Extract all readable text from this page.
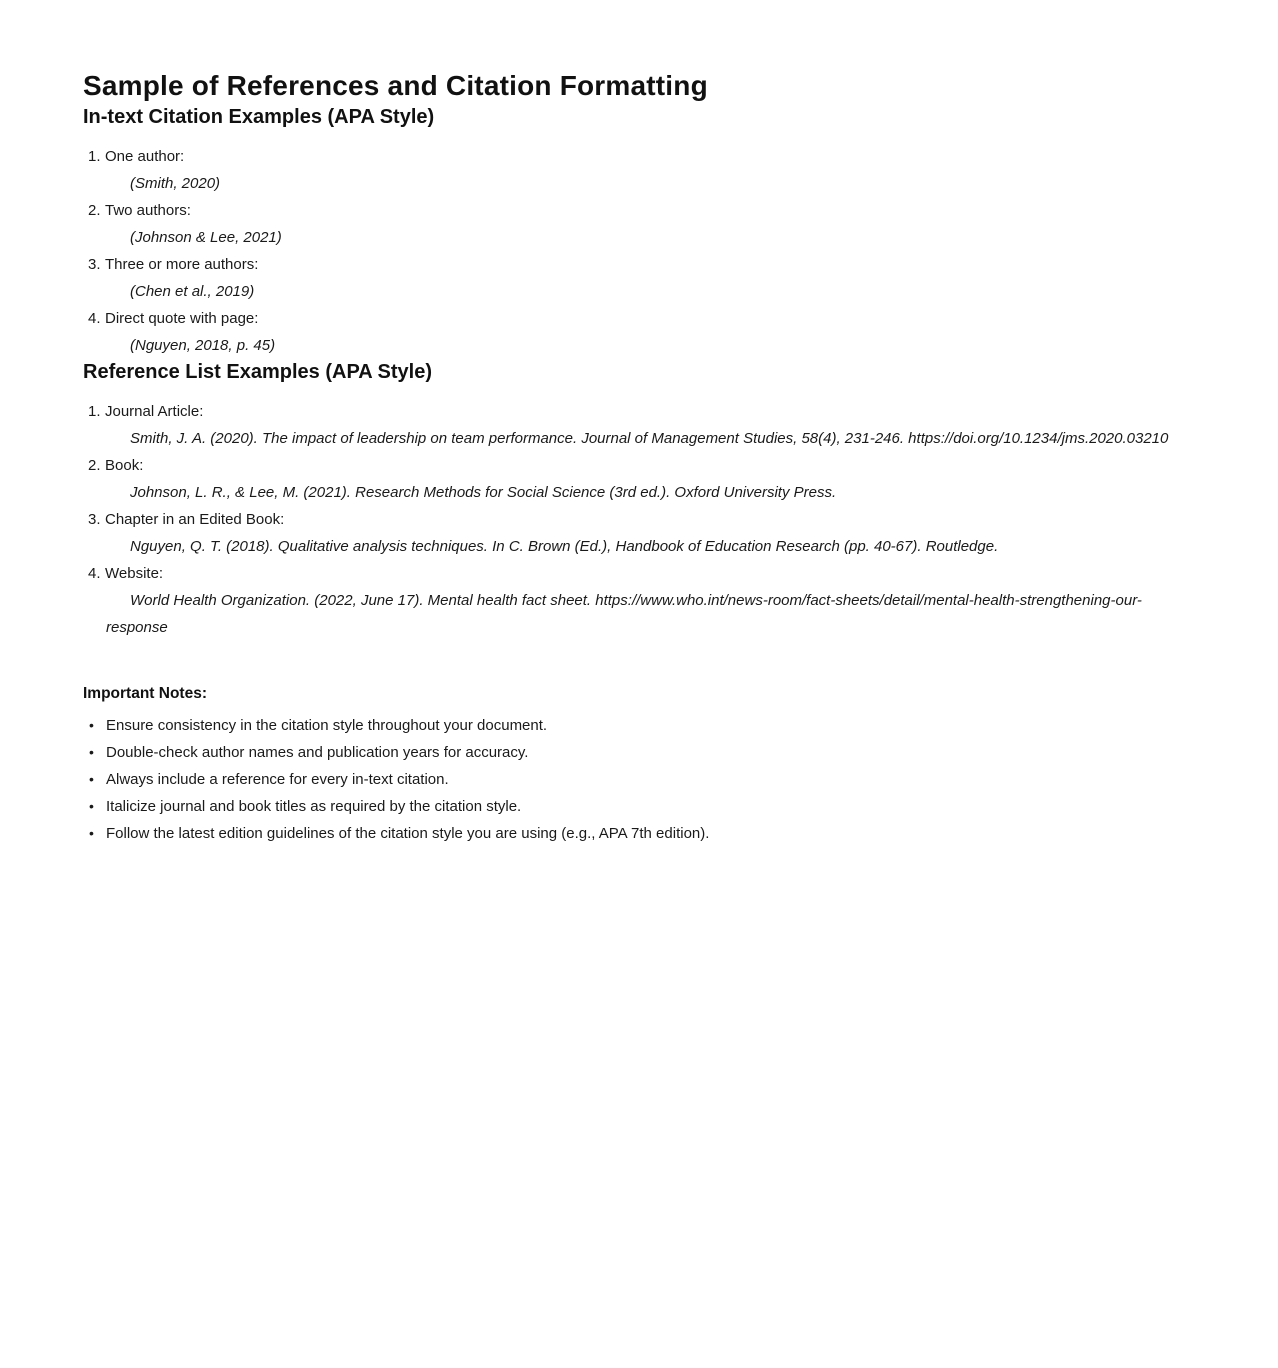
Sample of References and Citation Formatting
In-text Citation Examples (APA Style)
1. One author:
(Smith, 2020)
2. Two authors:
(Johnson & Lee, 2021)
3. Three or more authors:
(Chen et al., 2019)
4. Direct quote with page:
(Nguyen, 2018, p. 45)
Reference List Examples (APA Style)
1. Journal Article:
Smith, J. A. (2020). The impact of leadership on team performance. Journal of Management Studies, 58(4), 231-246. https://doi.org/10.1234/jms.2020.03210
2. Book:
Johnson, L. R., & Lee, M. (2021). Research Methods for Social Science (3rd ed.). Oxford University Press.
3. Chapter in an Edited Book:
Nguyen, Q. T. (2018). Qualitative analysis techniques. In C. Brown (Ed.), Handbook of Education Research (pp. 40-67). Routledge.
4. Website:
World Health Organization. (2022, June 17). Mental health fact sheet. https://www.who.int/news-room/fact-sheets/detail/mental-health-strengthening-our-response
Important Notes:
• Ensure consistency in the citation style throughout your document.
• Double-check author names and publication years for accuracy.
• Always include a reference for every in-text citation.
• Italicize journal and book titles as required by the citation style.
• Follow the latest edition guidelines of the citation style you are using (e.g., APA 7th edition).
